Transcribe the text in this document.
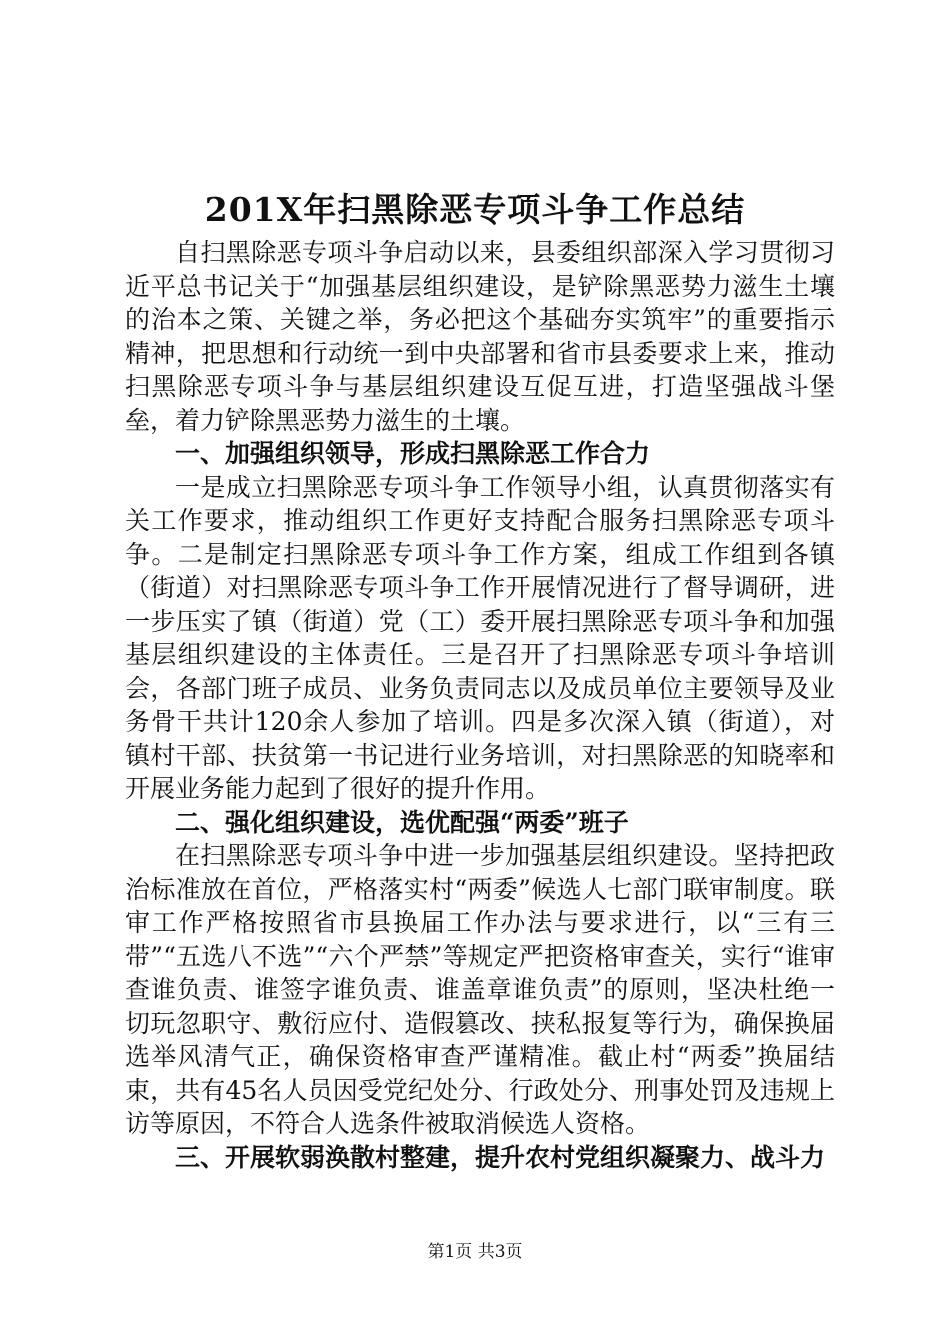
201X年扫黑除恶专项斗争工作总结

自扫黑除恶专项斗争启动以来，县委组织部深入学习贯彻习近平总书记关于“加强基层组织建设，是铲除黑恶势力滋生土壤的治本之策、关键之举，务必把这个基础夯实筑牢”的重要指示精神，把思想和行动统一到中央部署和省市县委要求上来，推动扫黑除恶专项斗争与基层组织建设互促互进，打造坚强战斗堡垒，着力铲除黑恶势力滋生的土壤。

一、加强组织领导，形成扫黑除恶工作合力

一是成立扫黑除恶专项斗争工作领导小组，认真贯彻落实有关工作要求，推动组织工作更好支持配合服务扫黑除恶专项斗争。二是制定扫黑除恶专项斗争工作方案，组成工作组到各镇（街道）对扫黑除恶专项斗争工作开展情况进行了督导调研，进一步压实了镇（街道）党（工）委开展扫黑除恶专项斗争和加强基层组织建设的主体责任。三是召开了扫黑除恶专项斗争培训会，各部门班子成员、业务负责同志以及成员单位主要领导及业务骨干共计120余人参加了培训。四是多次深入镇（街道），对镇村干部、扶贫第一书记进行业务培训，对扫黑除恶的知晓率和开展业务能力起到了很好的提升作用。

二、强化组织建设，选优配强“两委”班子

在扫黑除恶专项斗争中进一步加强基层组织建设。坚持把政治标准放在首位，严格落实村“两委”候选人七部门联审制度。联审工作严格按照省市县换届工作办法与要求进行，以“三有三带”“五选八不选”“六个严禁”等规定严把资格审查关，实行“谁审查谁负责、谁签字谁负责、谁盖章谁负责”的原则，坚决杜绝一切玩忽职守、敷衍应付、造假篡改、挟私报复等行为，确保换届选举风清气正，确保资格审查严谨精准。截止村“两委”换届结束，共有45名人员因受党纪处分、行政处分、刑事处罚及违规上访等原因，不符合人选条件被取消候选人资格。

三、开展软弱涣散村整建，提升农村党组织凝聚力、战斗力

第1页 共3页
